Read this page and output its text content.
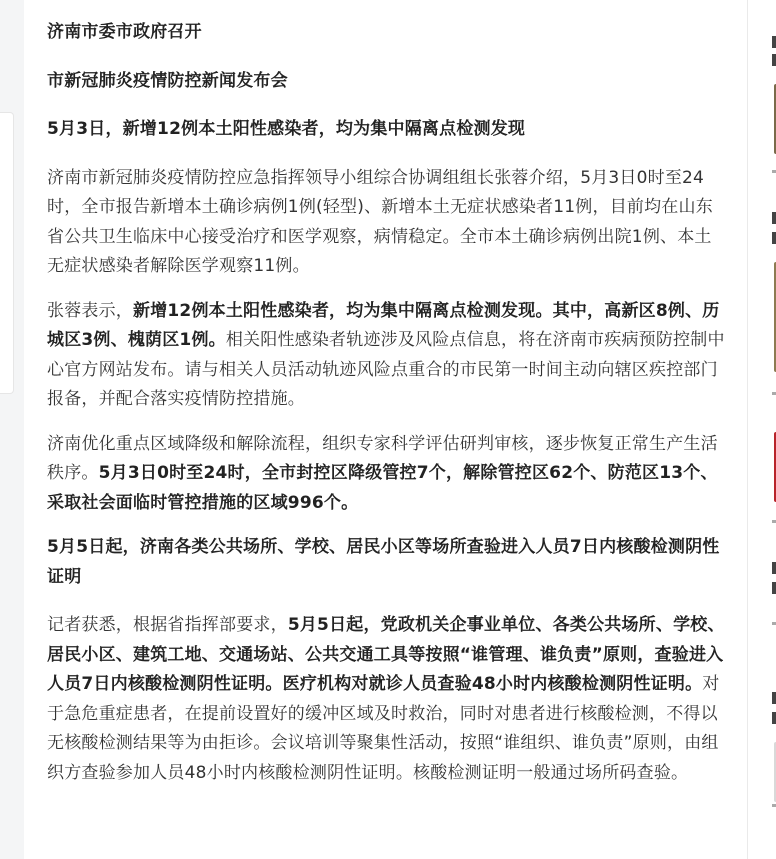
济南市委市政府召开

市新冠肺炎疫情防控新闻发布会

5月3日，新增12例本土阳性感染者，均为集中隔离点检测发现

济南市新冠肺炎疫情防控应急指挥领导小组综合协调组组长张蓉介绍，5月3日0时至24时，全市报告新增本土确诊病例1例(轻型)、新增本土无症状感染者11例，目前均在山东省公共卫生临床中心接受治疗和医学观察，病情稳定。全市本土确诊病例出院1例、本土无症状感染者解除医学观察11例。

张蓉表示，新增12例本土阳性感染者，均为集中隔离点检测发现。其中，高新区8例、历城区3例、槐荫区1例。相关阳性感染者轨迹涉及风险点信息，将在济南市疾病预防控制中心官方网站发布。请与相关人员活动轨迹风险点重合的市民第一时间主动向辖区疾控部门报备，并配合落实疫情防控措施。

济南优化重点区域降级和解除流程，组织专家科学评估研判审核，逐步恢复正常生产生活秩序。5月3日0时至24时，全市封控区降级管控7个，解除管控区62个、防范区13个、采取社会面临时管控措施的区域996个。

5月5日起，济南各类公共场所、学校、居民小区等场所查验进入人员7日内核酸检测阴性证明

记者获悉，根据省指挥部要求，5月5日起，党政机关企事业单位、各类公共场所、学校、居民小区、建筑工地、交通场站、公共交通工具等按照“谁管理、谁负责”原则，查验进入人员7日内核酸检测阴性证明。医疗机构对就诊人员查验48小时内核酸检测阴性证明。对于急危重症患者，在提前设置好的缓冲区域及时救治，同时对患者进行核酸检测，不得以无核酸检测结果等为由拒诊。会议培训等聚集性活动，按照“谁组织、谁负责”原则，由组织方查验参加人员48小时内核酸检测阴性证明。核酸检测证明一般通过场所码查验。
